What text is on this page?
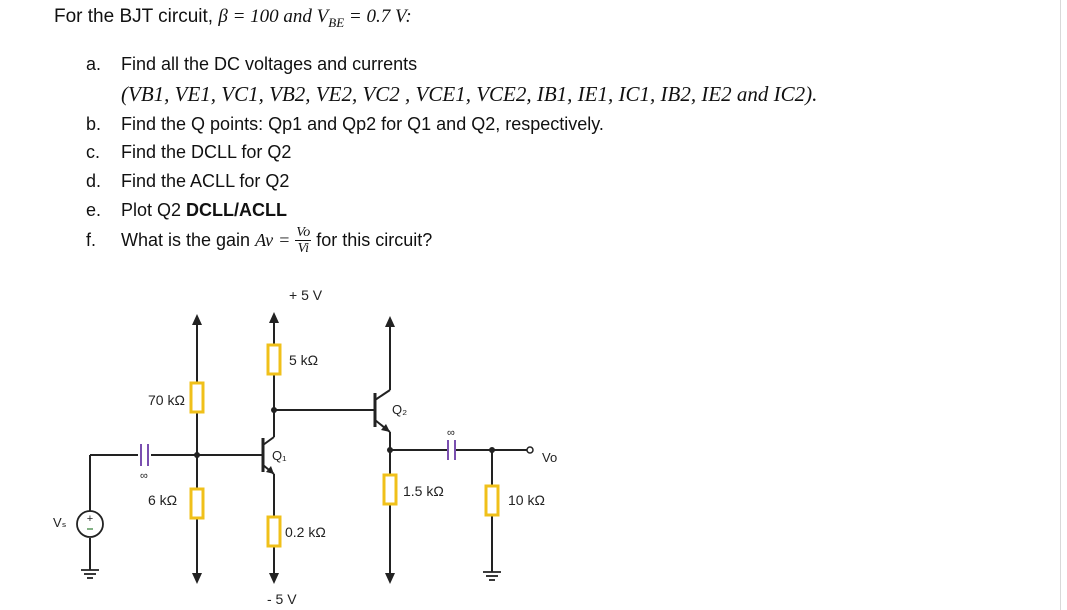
For the BJT circuit, β = 100 and $V_{BE} = 0.7$ V:
a. Find all the DC voltages and currents
(VB1, VE1, VC1, VB2, VE2, VC2 , VCE1, VCE2, IB1, IE1, IC1, IB2, IE2 and IC2).
b. Find the Q points: Qp1 and Qp2 for Q1 and Q2, respectively.
c. Find the DCLL for Q2
d. Find the ACLL for Q2
e. Plot Q2 DCLL/ACLL
f. What is the gain $Av = \frac{Vo}{Vi}$ for this circuit?
+
+ 5 V
5 kΩ
70 kΩ
6 kΩ
0.2 kΩ
1.5 kΩ
10 kΩ
- 5 V
Q₁
Q₂
∞
∞
Vₛ
Vo
